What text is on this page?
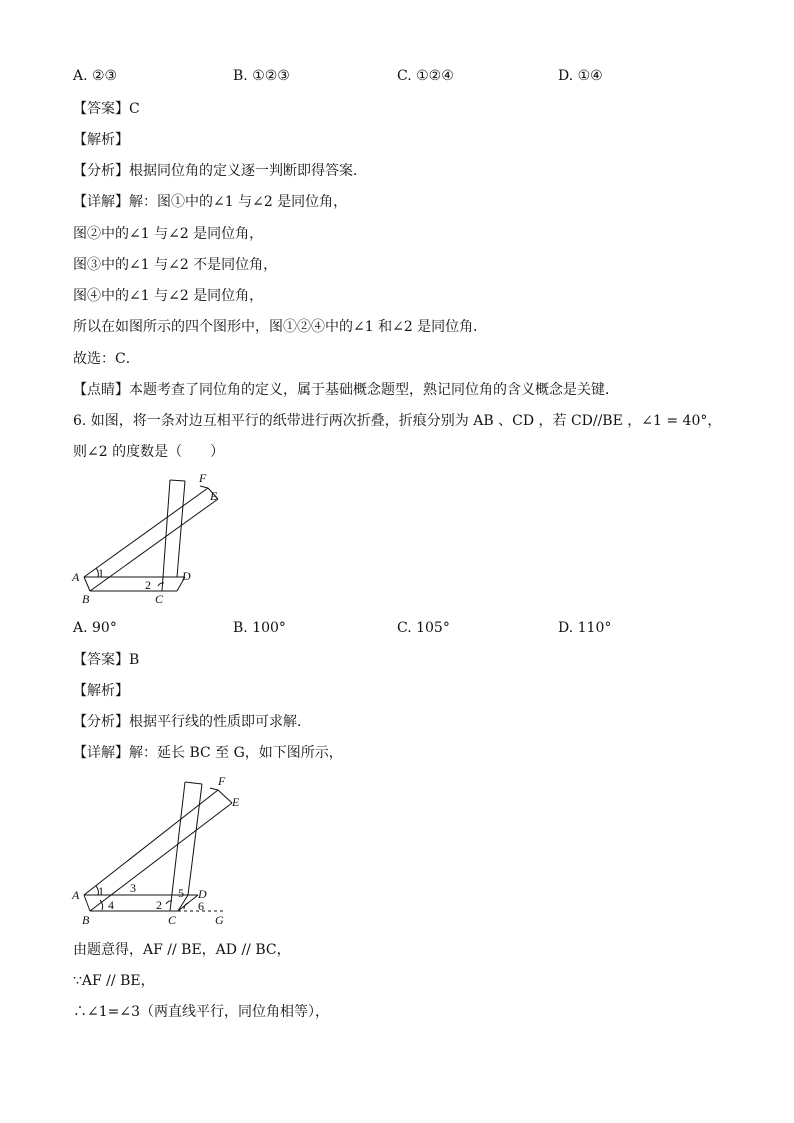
A. ②③	B. ①②③	C. ①②④	D. ①④
【答案】C
【解析】
【分析】根据同位角的定义逐一判断即得答案．
【详解】解：图①中的∠1 与∠2 是同位角，
图②中的∠1 与∠2 是同位角，
图③中的∠1 与∠2 不是同位角，
图④中的∠1 与∠2 是同位角，
所以在如图所示的四个图形中，图①②④中的∠1 和∠2 是同位角．
故选：C．
【点睛】本题考查了同位角的定义，属于基础概念题型，熟记同位角的含义概念是关键．
6. 如图，将一条对边互相平行的纸带进行两次折叠，折痕分别为 AB 、CD ，若 CD//BE ，∠1 = 40°，
则∠2 的度数是（　　）
A
B	C
D
E
F
1
2
A. 90°	B. 100°	C. 105°	D. 110°
【答案】B
【解析】
【分析】根据平行线的性质即可求解．
【详解】解：延长 BC 至 G，如下图所示，
A
B	C
D
E
F
G
1
2
3
4
5
6
由题意得，AF // BE，AD // BC，
∵AF // BE，
∴∠1=∠3（两直线平行，同位角相等），
